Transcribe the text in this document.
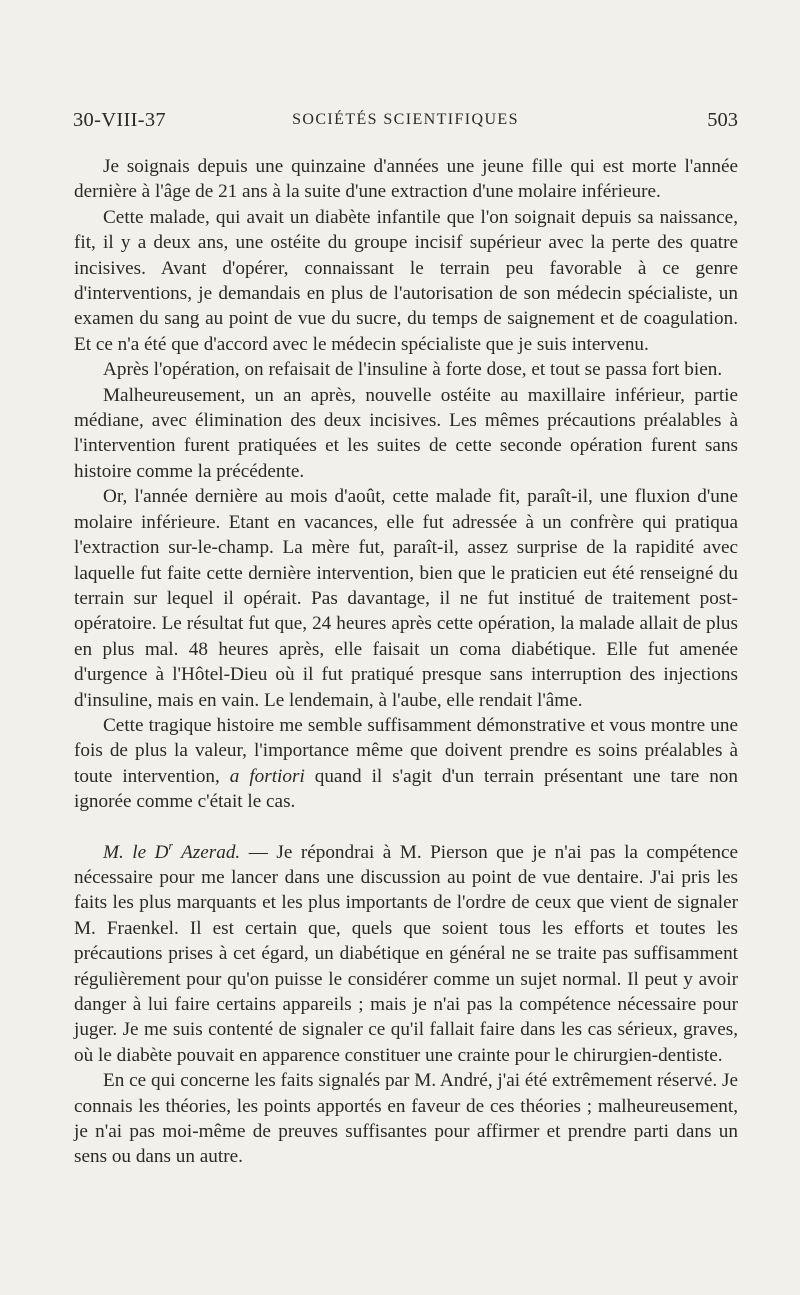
30-VIII-37	SOCIÉTÉS SCIENTIFIQUES	503

Je soignais depuis une quinzaine d'années une jeune fille qui est morte l'année dernière à l'âge de 21 ans à la suite d'une extraction d'une molaire inférieure.

Cette malade, qui avait un diabète infantile que l'on soignait depuis sa naissance, fit, il y a deux ans, une ostéite du groupe incisif supérieur avec la perte des quatre incisives. Avant d'opérer, connaissant le terrain peu favorable à ce genre d'interventions, je demandais en plus de l'autorisation de son médecin spécialiste, un examen du sang au point de vue du sucre, du temps de saignement et de coagulation. Et ce n'a été que d'accord avec le médecin spécialiste que je suis intervenu.

Après l'opération, on refaisait de l'insuline à forte dose, et tout se passa fort bien.

Malheureusement, un an après, nouvelle ostéite au maxillaire inférieur, partie médiane, avec élimination des deux incisives. Les mêmes précautions préalables à l'intervention furent pratiquées et les suites de cette seconde opération furent sans histoire comme la précédente.

Or, l'année dernière au mois d'août, cette malade fit, paraît-il, une fluxion d'une molaire inférieure. Etant en vacances, elle fut adressée à un confrère qui pratiqua l'extraction sur-le-champ. La mère fut, paraît-il, assez surprise de la rapidité avec laquelle fut faite cette dernière intervention, bien que le praticien eut été renseigné du terrain sur lequel il opérait. Pas davantage, il ne fut institué de traitement post-opératoire. Le résultat fut que, 24 heures après cette opération, la malade allait de plus en plus mal. 48 heures après, elle faisait un coma diabétique. Elle fut amenée d'urgence à l'Hôtel-Dieu où il fut pratiqué presque sans interruption des injections d'insuline, mais en vain. Le lendemain, à l'aube, elle rendait l'âme.

Cette tragique histoire me semble suffisamment démonstrative et vous montre une fois de plus la valeur, l'importance même que doivent prendre es soins préalables à toute intervention, a fortiori quand il s'agit d'un terrain présentant une tare non ignorée comme c'était le cas.

M. le $D^r$ Azerad. — Je répondrai à M. Pierson que je n'ai pas la compétence nécessaire pour me lancer dans une discussion au point de vue dentaire. J'ai pris les faits les plus marquants et les plus importants de l'ordre de ceux que vient de signaler M. Fraenkel. Il est certain que, quels que soient tous les efforts et toutes les précautions prises à cet égard, un diabétique en général ne se traite pas suffisamment régulièrement pour qu'on puisse le considérer comme un sujet normal. Il peut y avoir danger à lui faire certains appareils ; mais je n'ai pas la compétence nécessaire pour juger. Je me suis contenté de signaler ce qu'il fallait faire dans les cas sérieux, graves, où le diabète pouvait en apparence constituer une crainte pour le chirurgien-dentiste.

En ce qui concerne les faits signalés par M. André, j'ai été extrêmement réservé. Je connais les théories, les points apportés en faveur de ces théories ; malheureusement, je n'ai pas moi-même de preuves suffisantes pour affirmer et prendre parti dans un sens ou dans un autre.
